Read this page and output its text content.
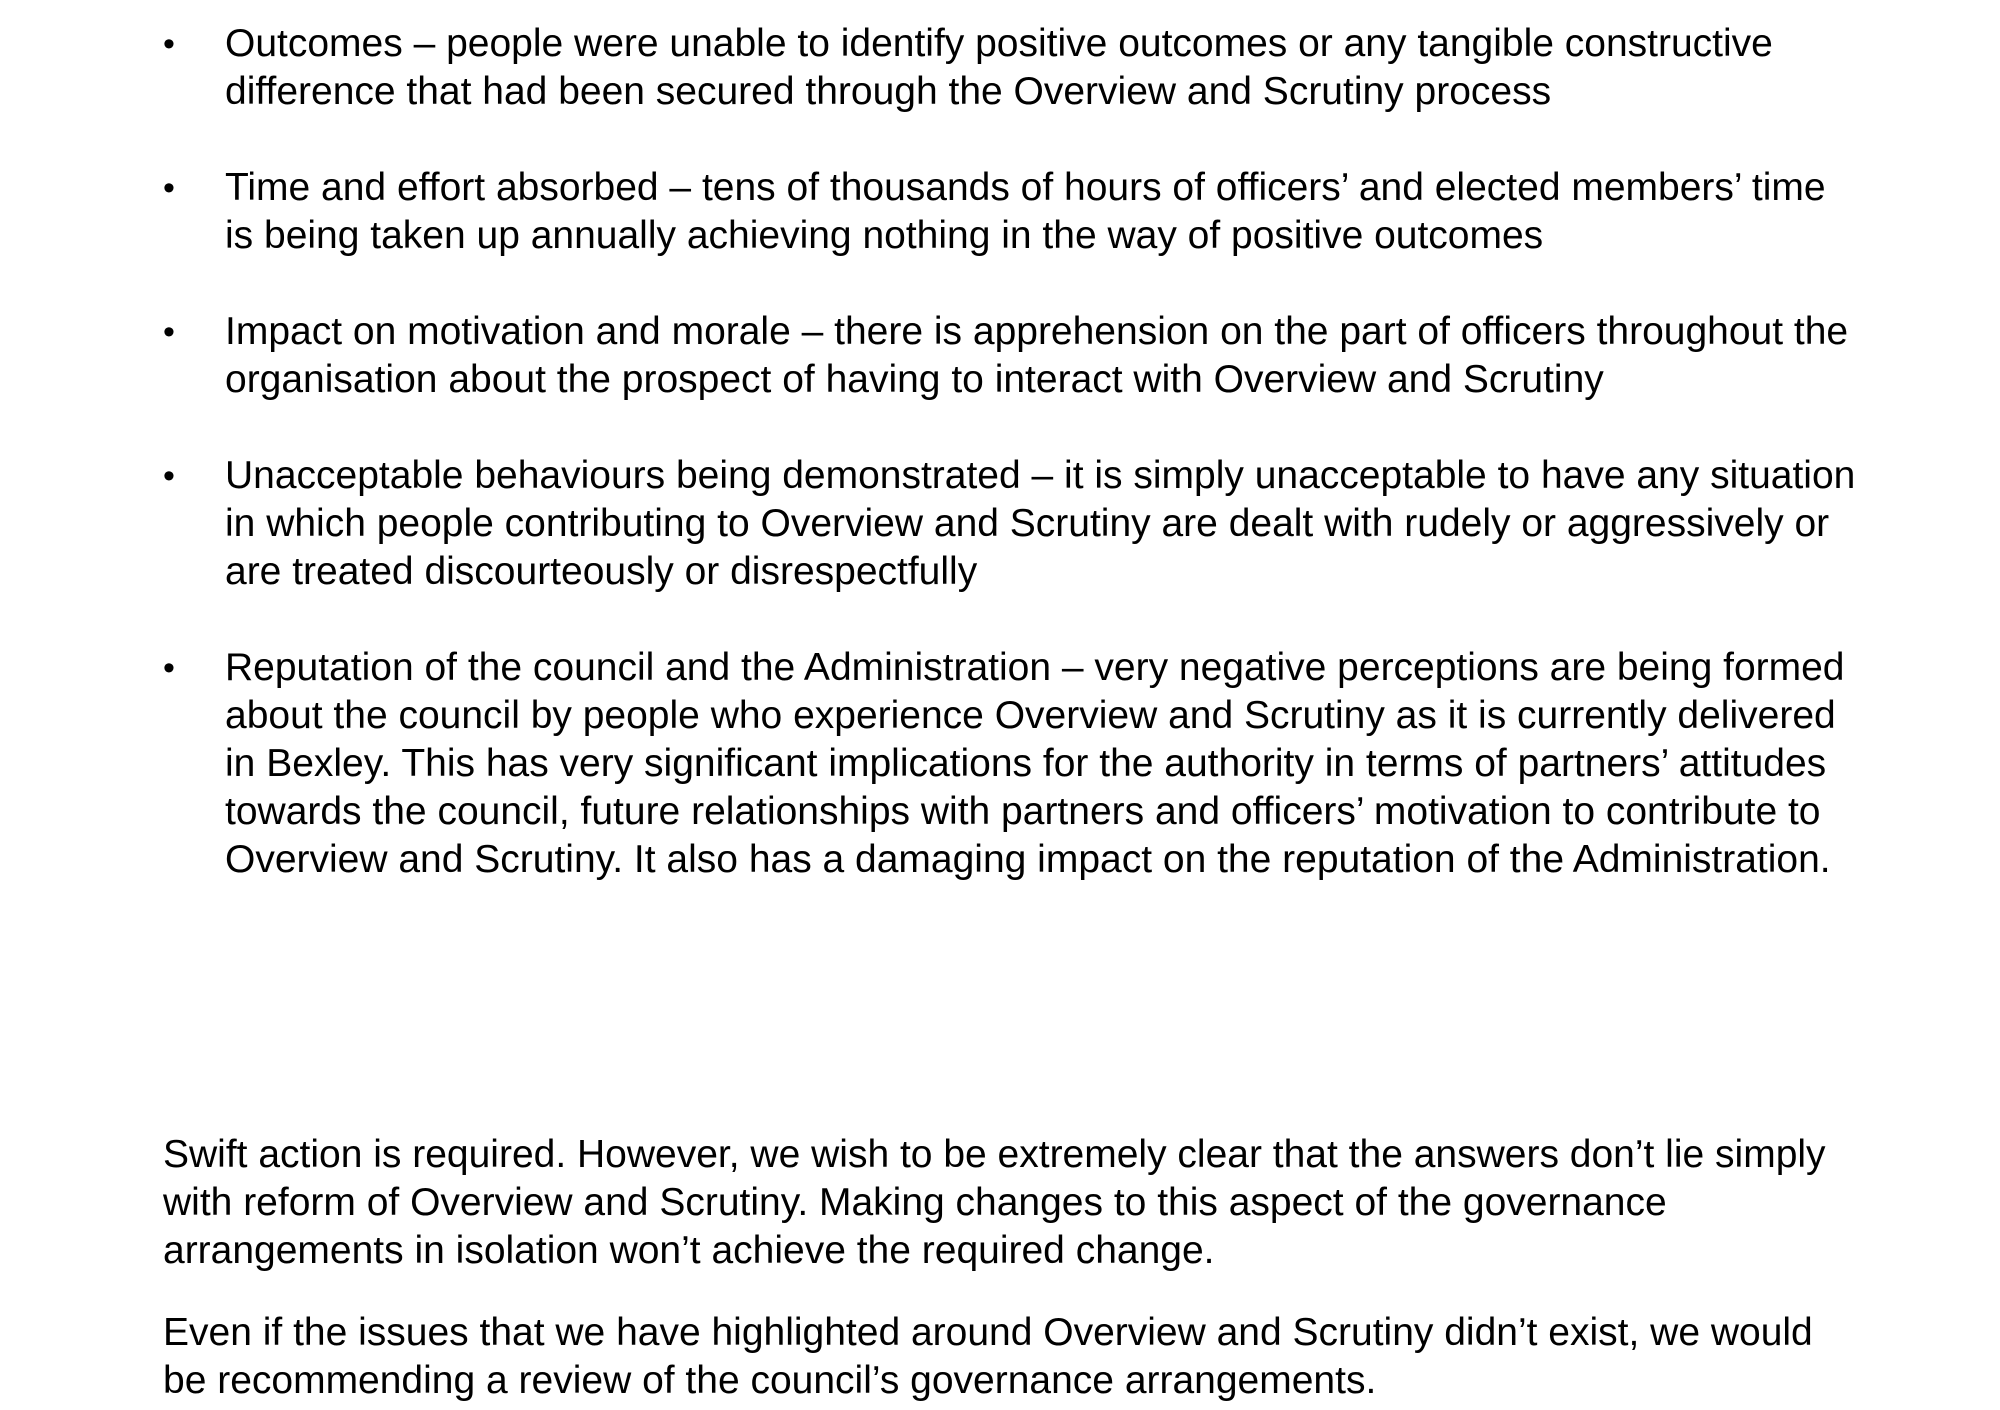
•	Outcomes – people were unable to identify positive outcomes or any tangible constructive difference that had been secured through the Overview and Scrutiny process
•	Time and effort absorbed – tens of thousands of hours of officers’ and elected members’ time is being taken up annually achieving nothing in the way of positive outcomes
•	Impact on motivation and morale – there is apprehension on the part of officers throughout the organisation about the prospect of having to interact with Overview and Scrutiny
•	Unacceptable behaviours being demonstrated – it is simply unacceptable to have any situation in which people contributing to Overview and Scrutiny are dealt with rudely or aggressively or are treated discourteously or disrespectfully
•	Reputation of the council and the Administration – very negative perceptions are being formed about the council by people who experience Overview and Scrutiny as it is currently delivered in Bexley. This has very significant implications for the authority in terms of partners’ attitudes towards the council, future relationships with partners and officers’ motivation to contribute to Overview and Scrutiny. It also has a damaging impact on the reputation of the Administration.

Swift action is required. However, we wish to be extremely clear that the answers don’t lie simply with reform of Overview and Scrutiny. Making changes to this aspect of the governance arrangements in isolation won’t achieve the required change.

Even if the issues that we have highlighted around Overview and Scrutiny didn’t exist, we would be recommending a review of the council’s governance arrangements.
